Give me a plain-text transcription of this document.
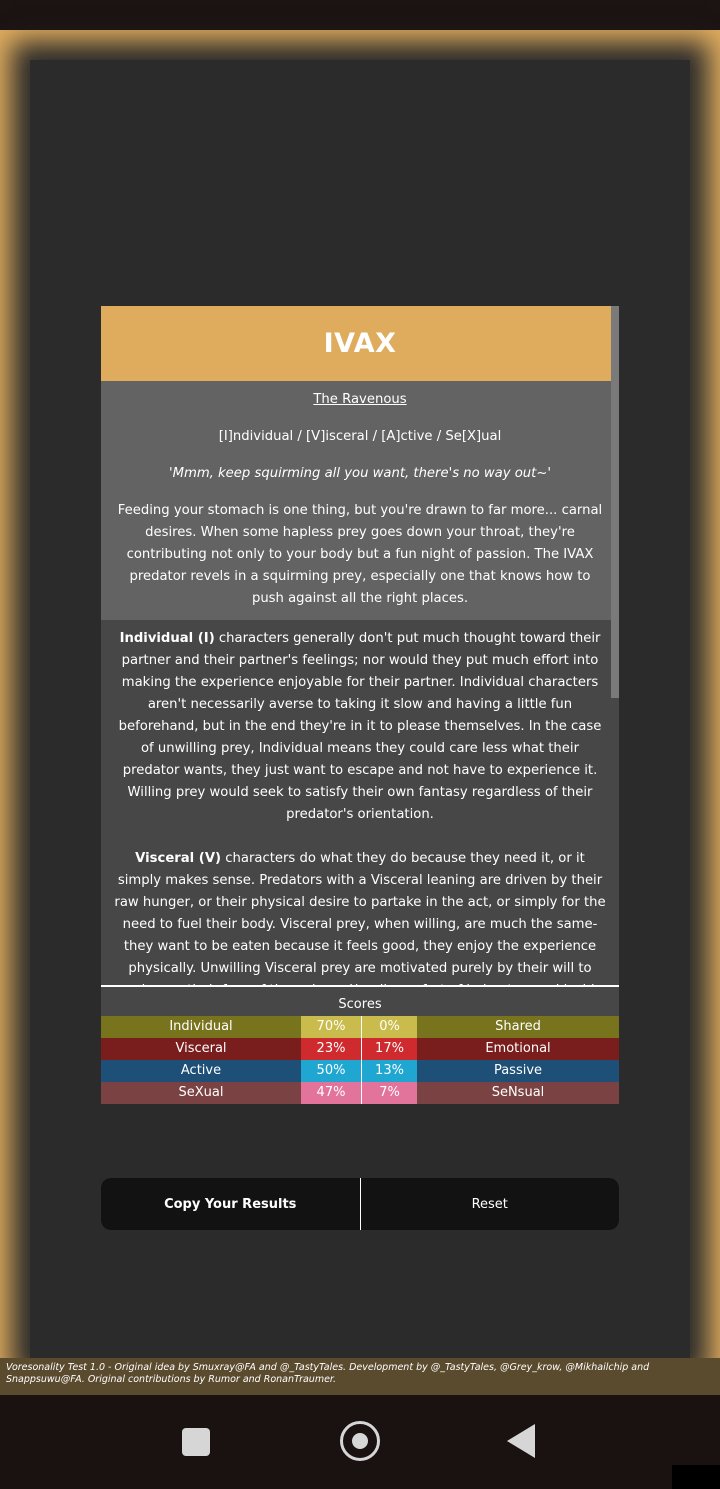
IVAX

The Ravenous

[I]ndividual / [V]isceral / [A]ctive / Se[X]ual

'Mmm, keep squirming all you want, there's no way out~'

Feeding your stomach is one thing, but you're drawn to far more... carnal desires. When some hapless prey goes down your throat, they're contributing not only to your body but a fun night of passion. The IVAX predator revels in a squirming prey, especially one that knows how to push against all the right places.

Individual (I) characters generally don't put much thought toward their partner and their partner's feelings; nor would they put much effort into making the experience enjoyable for their partner. Individual characters aren't necessarily averse to taking it slow and having a little fun beforehand, but in the end they're in it to please themselves. In the case of unwilling prey, Individual means they could care less what their predator wants, they just want to escape and not have to experience it. Willing prey would seek to satisfy their own fantasy regardless of their predator's orientation.

Visceral (V) characters do what they do because they need it, or it simply makes sense. Predators with a Visceral leaning are driven by their raw hunger, or their physical desire to partake in the act, or simply for the need to fuel their body. Visceral prey, when willing, are much the same- they want to be eaten because it feels good, they enjoy the experience physically. Unwilling Visceral prey are motivated purely by their will to

Scores
Individual	70%	0%	Shared
Visceral	23%	17%	Emotional
Active	50%	13%	Passive
SeXual	47%	7%	SeNsual
Copy Your Results	Reset
Voresonality Test 1.0 - Original idea by Smuxray@FA and @_TastyTales. Development by @_TastyTales, @Grey_krow, @Mikhailchip and Snappsuwu@FA. Original contributions by Rumor and RonanTraumer.
